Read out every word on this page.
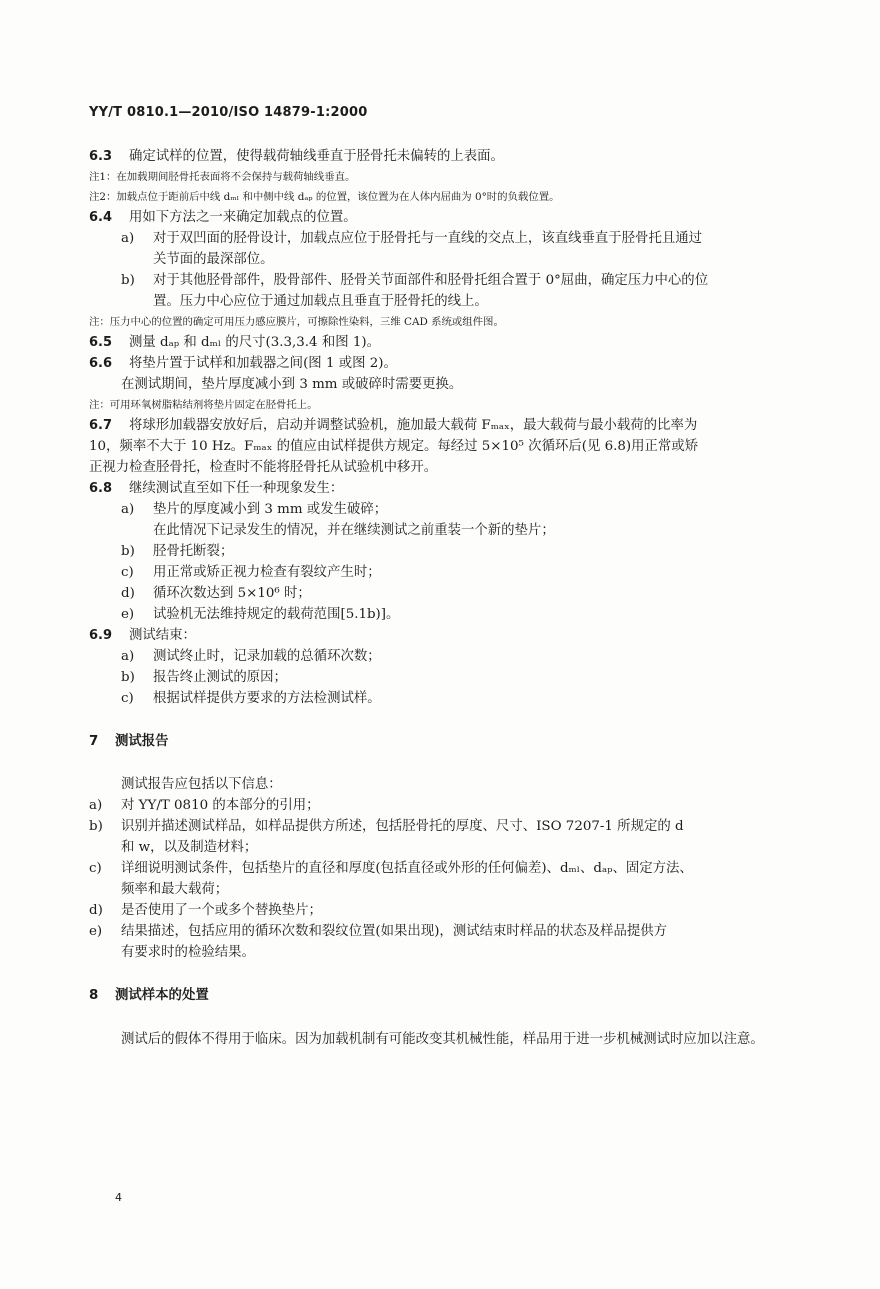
YY/T 0810.1—2010/ISO 14879-1:2000
6.3	确定试样的位置，使得载荷轴线垂直于胫骨托未偏转的上表面。
注1：在加载期间胫骨托表面将不会保持与载荷轴线垂直。
注2：加载点位于距前后中线 dₘₗ 和中侧中线 dₐₚ 的位置，该位置为在人体内屈曲为 0°时的负载位置。
6.4	用如下方法之一来确定加载点的位置。
a)	对于双凹面的胫骨设计，加载点应位于胫骨托与一直线的交点上，该直线垂直于胫骨托且通过
关节面的最深部位。
b)	对于其他胫骨部件，股骨部件、胫骨关节面部件和胫骨托组合置于 0°屈曲，确定压力中心的位
置。压力中心应位于通过加载点且垂直于胫骨托的线上。
注：压力中心的位置的确定可用压力感应膜片，可擦除性染料，三维 CAD 系统或组件图。
6.5	测量 dₐₚ 和 dₘₗ 的尺寸(3.3,3.4 和图 1)。
6.6	将垫片置于试样和加载器之间(图 1 或图 2)。
在测试期间，垫片厚度减小到 3 mm 或破碎时需要更换。
注：可用环氧树脂粘结剂将垫片固定在胫骨托上。
6.7	将球形加载器安放好后，启动并调整试验机，施加最大载荷 Fₘₐₓ，最大载荷与最小载荷的比率为
10，频率不大于 10 Hz。Fₘₐₓ 的值应由试样提供方规定。每经过 5×10⁵ 次循环后(见 6.8)用正常或矫
正视力检查胫骨托，检查时不能将胫骨托从试验机中移开。
6.8	继续测试直至如下任一种现象发生：
a)	垫片的厚度减小到 3 mm 或发生破碎；
在此情况下记录发生的情况，并在继续测试之前重装一个新的垫片；
b)	胫骨托断裂；
c)	用正常或矫正视力检查有裂纹产生时；
d)	循环次数达到 5×10⁶ 时；
e)	试验机无法维持规定的载荷范围[5.1b)]。
6.9	测试结束：
a)	测试终止时，记录加载的总循环次数；
b)	报告终止测试的原因；
c)	根据试样提供方要求的方法检测试样。
7 测试报告
测试报告应包括以下信息：
a)	对 YY/T 0810 的本部分的引用；
b)	识别并描述测试样品，如样品提供方所述，包括胫骨托的厚度、尺寸、ISO 7207-1 所规定的 d
和 w，以及制造材料；
c)	详细说明测试条件，包括垫片的直径和厚度(包括直径或外形的任何偏差)、dₘₗ、dₐₚ、固定方法、
频率和最大载荷；
d)	是否使用了一个或多个替换垫片；
e)	结果描述，包括应用的循环次数和裂纹位置(如果出现)，测试结束时样品的状态及样品提供方
有要求时的检验结果。
8 测试样本的处置
测试后的假体不得用于临床。因为加载机制有可能改变其机械性能，样品用于进一步机械测试时应加以注意。
4
